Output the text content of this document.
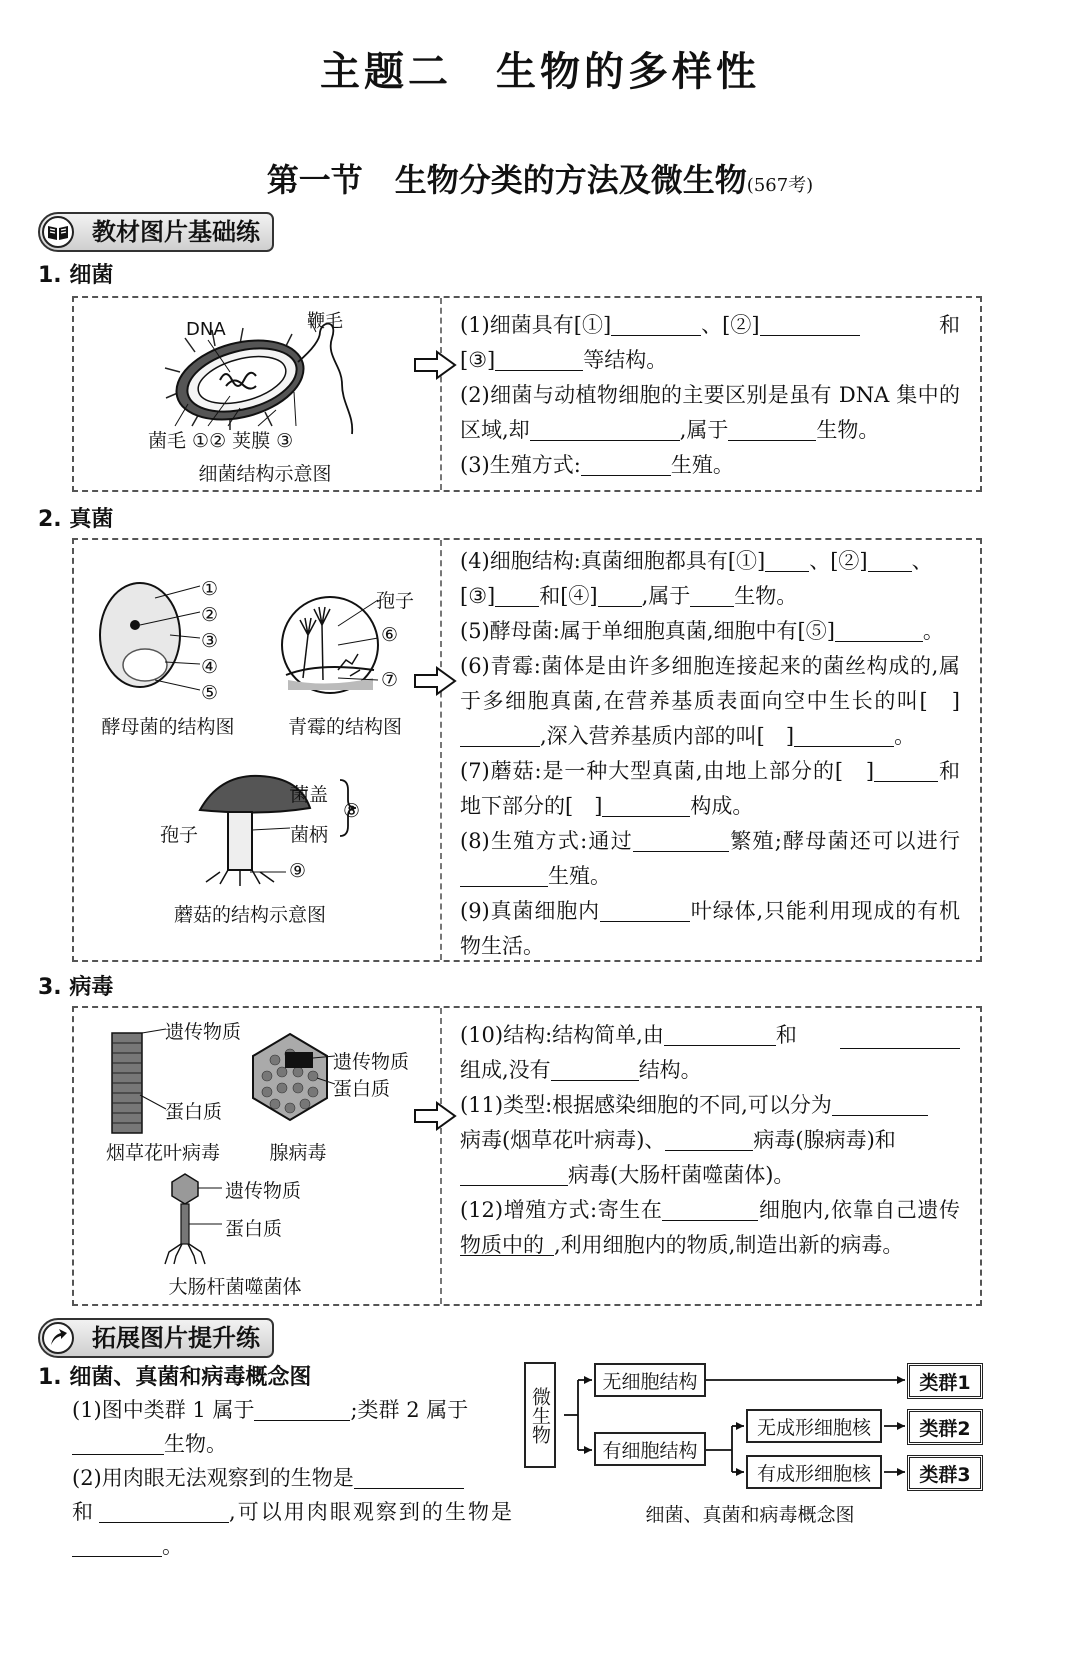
主题二　生物的多样性
第一节　生物分类的方法及微生物(567考)
教材图片基础练
1. 细菌
DNA	鞭毛
菌毛 ①② 荚膜 ③
细菌结构示意图

(1)细菌具有[①]	、[②]	和

[③]	等结构。

(2)细菌与动植物细胞的主要区别是虽有 DNA 集中的区域,却	,属于	生物。

(3)生殖方式:	生殖。

2. 真菌
①
②
③
④
⑤
酵母菌的结构图
孢子
⑥
⑦
青霉的结构图
菌盖
菌柄
孢子
⑧
⑨
蘑菇的结构示意图

(4)细胞结构:真菌细胞都具有[①] 、[②] 、

[③] 和[④] ,属于 生物。

(5)酵母菌:属于单细胞真菌,细胞中有[⑤]	。

(6)青霉:菌体是由许多细胞连接起来的菌丝构成的,属于多细胞真菌,在营养基质表面向空中生长的叫[　],深入营养基质内部的叫[　]	。

(7)蘑菇:是一种大型真菌,由地上部分的[　]	和地下部分的[　]	构成。

(8)生殖方式:通过	繁殖;酵母菌还可以进行生殖。

(9)真菌细胞内	叶绿体,只能利用现成的有机物生活。

3. 病毒
遗传物质
蛋白质
烟草花叶病毒
遗传物质
蛋白质
腺病毒
遗传物质
蛋白质
大肠杆菌噬菌体

(10)结构:结构简单,由	和

组成,没有	结构。

(11)类型:根据感染细胞的不同,可以分为

病毒(烟草花叶病毒)、	病毒(腺病毒)和

病毒(大肠杆菌噬菌体)。

(12)增殖方式:寄生在	细胞内,依靠自己遗传物质中的 ,利用细胞内的物质,制造出新的病毒。

拓展图片提升练
1. 细菌、真菌和病毒概念图

(1)图中类群 1 属于	;类群 2 属于

生物。

(2)用肉眼无法观察到的生物是

和	,可以用肉眼观察到的生物是。

微生物
无细胞结构
有细胞结构
无成形细胞核
有成形细胞核
类群1
类群2
类群3
细菌、真菌和病毒概念图
